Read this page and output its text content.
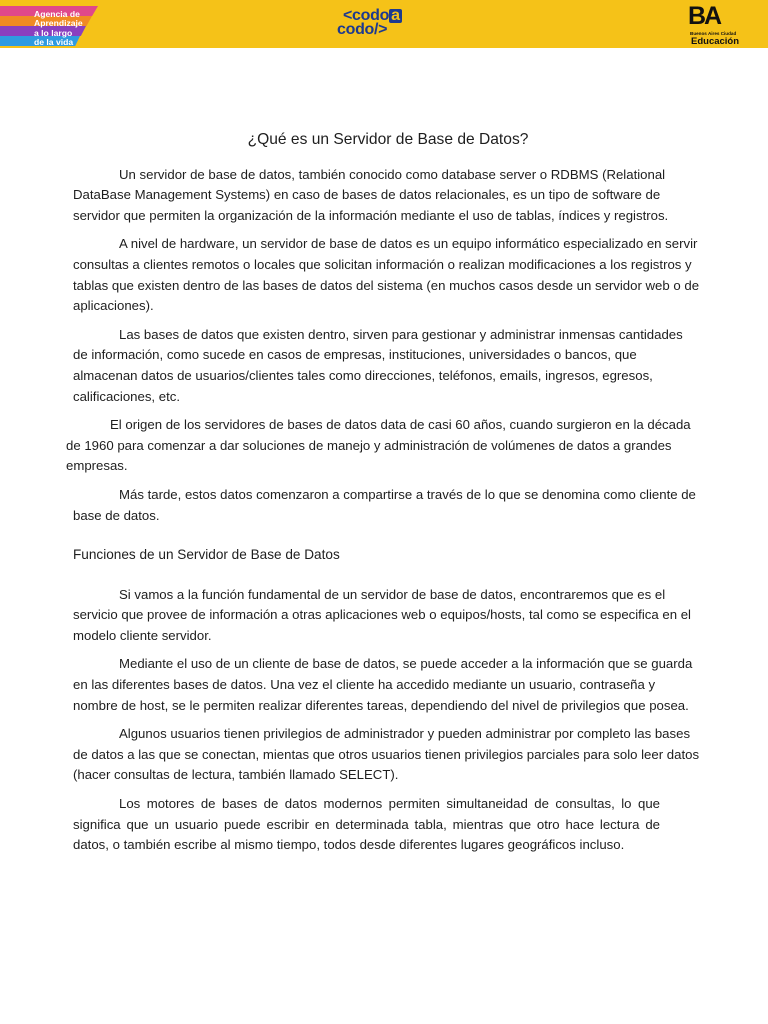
Agencia de
Aprendizaje
a lo largo
de la vida
<codo a
codo/>	BA
Buenos Aires Ciudad
Educación
¿Qué es un Servidor de Base de Datos?
Un servidor de base de datos, también conocido como database server o RDBMS (Relational DataBase Management Systems) en caso de bases de datos relacionales, es un tipo de software de servidor que permiten la organización de la información mediante el uso de tablas, índices y registros.
A nivel de hardware, un servidor de base de datos es un equipo informático especializado en servir consultas a clientes remotos o locales que solicitan información o realizan modificaciones a los registros y tablas que existen dentro de las bases de datos del sistema (en muchos casos desde un servidor web o de aplicaciones).
Las bases de datos que existen dentro, sirven para gestionar y administrar inmensas cantidades de información, como sucede en casos de empresas, instituciones, universidades o bancos, que almacenan datos de usuarios/clientes tales como direcciones, teléfonos, emails, ingresos, egresos, calificaciones, etc.
El origen de los servidores de bases de datos data de casi 60 años, cuando surgieron en la década de 1960 para comenzar a dar soluciones de manejo y administración de volúmenes de datos a grandes empresas.
Más tarde, estos datos comenzaron a compartirse a través de lo que se denomina como cliente de base de datos.
Funciones de un Servidor de Base de Datos
Si vamos a la función fundamental de un servidor de base de datos, encontraremos que es el servicio que provee de información a otras aplicaciones web o equipos/hosts, tal como se especifica en el modelo cliente servidor.
Mediante el uso de un cliente de base de datos, se puede acceder a la información que se guarda en las diferentes bases de datos. Una vez el cliente ha accedido mediante un usuario, contraseña y nombre de host, se le permiten realizar diferentes tareas, dependiendo del nivel de privilegios que posea.
Algunos usuarios tienen privilegios de administrador y pueden administrar por completo las bases de datos a las que se conectan, mientas que otros usuarios tienen privilegios parciales para solo leer datos (hacer consultas de lectura, también llamado SELECT).
Los motores de bases de datos modernos permiten simultaneidad de consultas, lo que significa que un usuario puede escribir en determinada tabla, mientras que otro hace lectura de datos, o también escribe al mismo tiempo, todos desde diferentes lugares geográficos incluso.
